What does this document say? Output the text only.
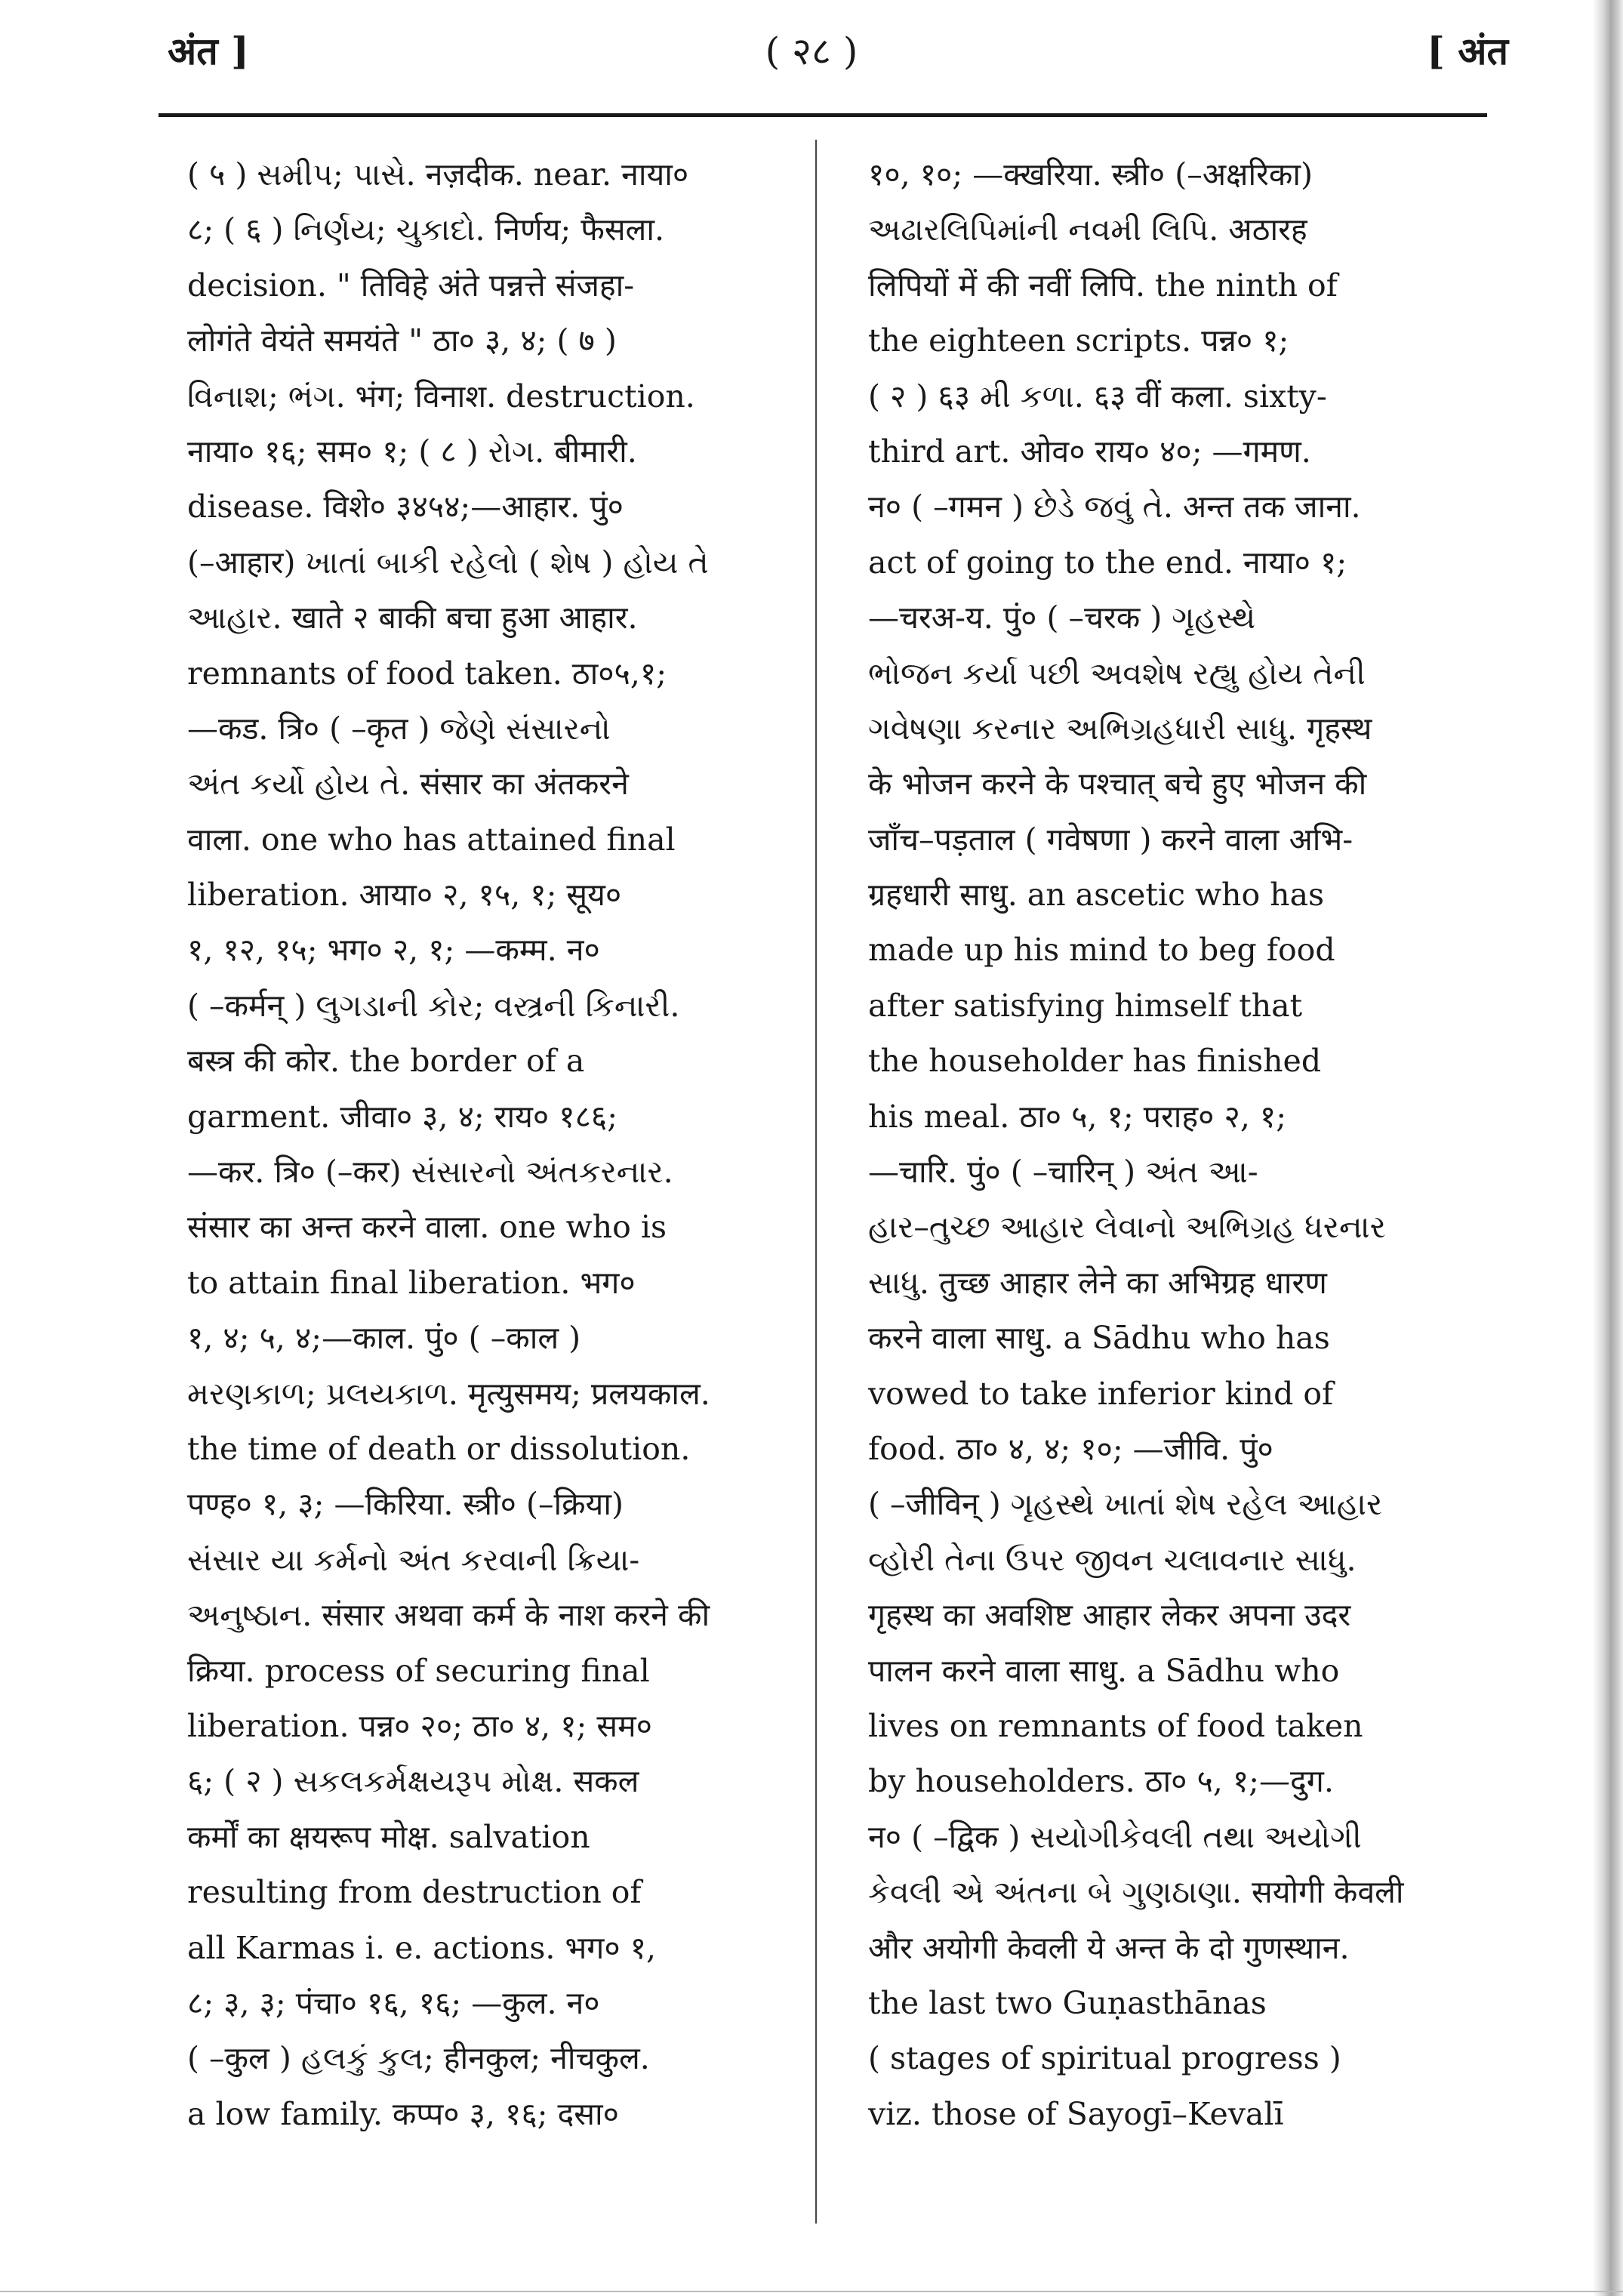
अंत ]	( २८ )	[ अंत
( ५ ) સમીપ; પાસે. नज़दीक. near. नाया०
८; ( ६ ) નિર્ણય; ચુકાદો. निर्णय; फैसला.
decision. " तिविहे अंते पन्नत्ते संजहा-
लोगंते वेयंते समयंते " ठा० ३, ४; ( ७ )
વિનાશ; ભંગ. भंग; विनाश. destruction.
नाया० १६; सम० १; ( ८ ) રોગ. बीमारी.
disease. विशे० ३४५४;—आहार. पुं०
(–आहार) ખાતાં બાકી રહેલો ( શેષ ) હોય તે
આહાર. खाते २ बाकी बचा हुआ आहार.
remnants of food taken. ठा०५,१;
—कड. त्रि० ( –कृत ) જેણે સંસારનો
અંત કર્યો હોય તે. संसार का अंतकरने
वाला. one who has attained final
liberation. आया० २, १५, १; सूय०
१, १२, १५; भग० २, १; —कम्म. न०
( –कर्मन् ) લુગડાની કોર; વસ્ત્રની કિનારી.
बस्त्र की कोर. the border of a
garment. जीवा० ३, ४; राय० १८६;
—कर. त्रि० (–कर) સંસારનો અંતકરનાર.
संसार का अन्त करने वाला. one who is
to attain final liberation. भग०
१, ४; ५, ४;—काल. पुं० ( –काल )
મરણકાળ; પ્રલયકાળ. मृत्युसमय; प्रलयकाल.
the time of death or dissolution.
पण्ह० १, ३; —किरिया. स्त्री० (–क्रिया)
સંસાર યા કર્મનો અંત કરવાની ક્રિયા-
અનુષ્ઠાન. संसार अथवा कर्म के नाश करने की
क्रिया. process of securing final
liberation. पन्न० २०; ठा० ४, १; सम०
६; ( २ ) સકલકર્મક્ષયરૂપ મોક્ષ. सकल
कर्मों का क्षयरूप मोक्ष. salvation
resulting from destruction of
all Karmas i. e. actions. भग० १,
८; ३, ३; पंचा० १६, १६; —कुल. न०
( –कुल ) હલકું કુલ; हीनकुल; नीचकुल.
a low family. कप्प० ३, १६; दसा०
१०, १०; —क्खरिया. स्त्री० (–अक्षरिका)
અઢારલિપિમાંની નવમી લિપિ. अठारह
लिपियों में की नवीं लिपि. the ninth of
the eighteen scripts. पन्न० १;
( २ ) ६३ મી કળા. ६३ वीं कला. sixty-
third art. ओव० राय० ४०; —गमण.
न० ( –गमन ) છેડે જવું તે. अन्त तक जाना.
act of going to the end. नाया० १;
—चरअ-य. पुं० ( –चरक ) ગૃહસ્થે
ભોજન કર્યા પછી અવશેષ રહ્યુ હોય તેની
ગવેષણા કરનાર અભિગ્રહધારી સાધુ. गृहस्थ
के भोजन करने के पश्चात् बचे हुए भोजन की
जाँच–पड़ताल ( गवेषणा ) करने वाला अभि-
ग्रहधारी साधु. an ascetic who has
made up his mind to beg food
after satisfying himself that
the householder has finished
his meal. ठा० ५, १; पराह० २, १;
—चारि. पुं० ( –चारिन् ) અંત આ-
હાર–તુચ્છ આહાર લેવાનો અભિગ્રહ ધરનાર
સાધુ. तुच्छ आहार लेने का अभिग्रह धारण
करने वाला साधु. a Sādhu who has
vowed to take inferior kind of
food. ठा० ४, ४; १०; —जीवि. पुं०
( –जीविन् ) ગૃહસ્થે ખાતાં શેષ રહેલ આહાર
વ્હોરી તેના ઉપર જીવન ચલાવનાર સાધુ.
गृहस्थ का अवशिष्ट आहार लेकर अपना उदर
पालन करने वाला साधु. a Sādhu who
lives on remnants of food taken
by householders. ठा० ५, १;—दुग.
न० ( –द्विक ) સયોગીકેવલી તથા અયોગી
કેવલી એ અંતના બે ગુણઠાણા. सयोगी केवली
और अयोगी केवली ये अन्त के दो गुणस्थान.
the last two Guṇasthānas
( stages of spiritual progress )
viz. those of Sayogī–Kevalī
